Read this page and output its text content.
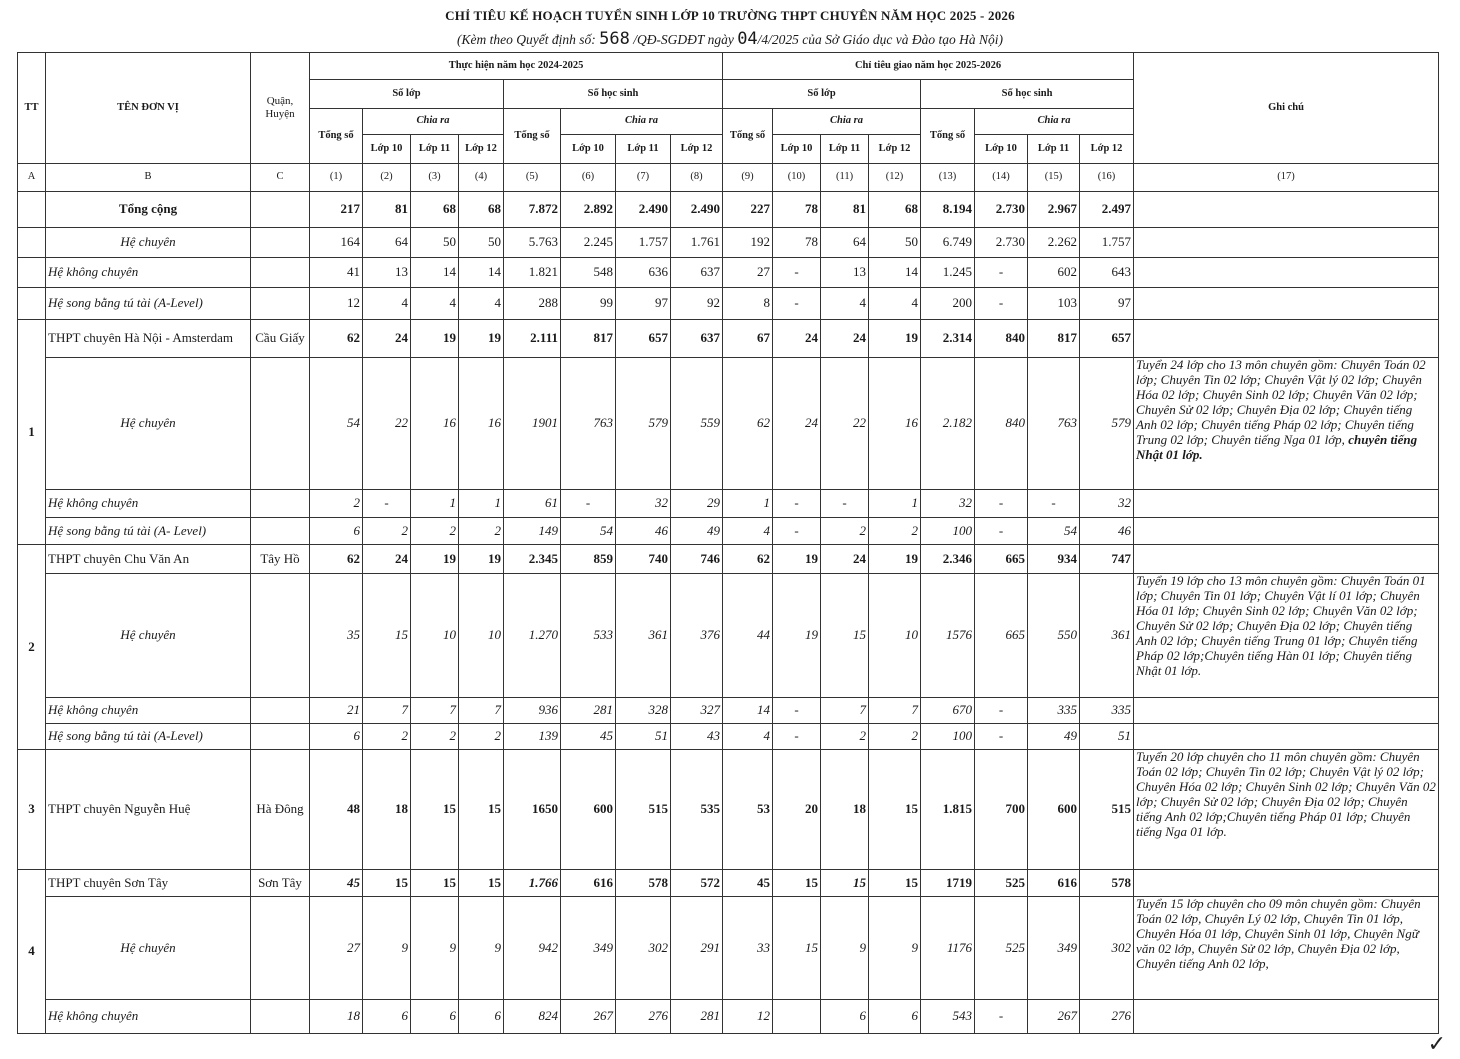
CHỈ TIÊU KẾ HOẠCH TUYỂN SINH LỚP 10 TRƯỜNG THPT CHUYÊN NĂM HỌC 2025 - 2026
(Kèm theo Quyết định số: 568 /QĐ-SGDĐT ngày 04/4/2025 của Sở Giáo dục và Đào tạo Hà Nội)
TT	TÊN ĐƠN VỊ	Quận, Huyện	Thực hiện năm học 2024-2025								Chỉ tiêu giao năm học 2025-2026								Ghi chú
			Số lớp				Số học sinh				Số lớp				Số học sinh				
			Tổng số	Chia ra			Tổng số	Chia ra			Tổng số	Chia ra			Tổng số	Chia ra			
				Lớp 10	Lớp 11	Lớp 12		Lớp 10	Lớp 11	Lớp 12		Lớp 10	Lớp 11	Lớp 12		Lớp 10	Lớp 11	Lớp 12	
A	B	C	(1)	(2)	(3)	(4)	(5)	(6)	(7)	(8)	(9)	(10)	(11)	(12)	(13)	(14)	(15)	(16)	(17)
	Tổng cộng		217	81	68	68	7.872	2.892	2.490	2.490	227	78	81	68	8.194	2.730	2.967	2.497	
	Hệ chuyên		164	64	50	50	5.763	2.245	1.757	1.761	192	78	64	50	6.749	2.730	2.262	1.757	
	Hệ không chuyên		41	13	14	14	1.821	548	636	637	27	-	13	14	1.245	-	602	643	
	Hệ song bằng tú tài (A-Level)		12	4	4	4	288	99	97	92	8	-	4	4	200	-	103	97	
1	THPT chuyên Hà Nội - Amsterdam	Cầu Giấy	62	24	19	19	2.111	817	657	637	67	24	24	19	2.314	840	817	657	
	Hệ chuyên		54	22	16	16	1901	763	579	559	62	24	22	16	2.182	840	763	579	Tuyển 24 lớp cho 13 môn chuyên gồm: Chuyên Toán 02 lớp; Chuyên Tin 02 lớp; Chuyên Vật lý 02 lớp; Chuyên Hóa 02 lớp; Chuyên Sinh 02 lớp; Chuyên Văn 02 lớp; Chuyên Sử 02 lớp; Chuyên Địa 02 lớp; Chuyên tiếng Anh 02 lớp; Chuyên tiếng Pháp 02 lớp; Chuyên tiếng Trung 02 lớp; Chuyên tiếng Nga 01 lớp, chuyên tiếng Nhật 01 lớp.
	Hệ không chuyên		2	-	1	1	61	-	32	29	1	-	-	1	32	-	-	32	
	Hệ song bằng tú tài (A- Level)		6	2	2	2	149	54	46	49	4	-	2	2	100	-	54	46	
2	THPT chuyên Chu Văn An	Tây Hồ	62	24	19	19	2.345	859	740	746	62	19	24	19	2.346	665	934	747	
	Hệ chuyên		35	15	10	10	1.270	533	361	376	44	19	15	10	1576	665	550	361	Tuyển 19 lớp cho 13 môn chuyên gồm: Chuyên Toán 01 lớp; Chuyên Tin 01 lớp; Chuyên Vật lí 01 lớp; Chuyên Hóa 01 lớp; Chuyên Sinh 02 lớp; Chuyên Văn 02 lớp; Chuyên Sử 02 lớp; Chuyên Địa 02 lớp; Chuyên tiếng Anh 02 lớp; Chuyên tiếng Trung 01 lớp; Chuyên tiếng Pháp 02 lớp;Chuyên tiếng Hàn 01 lớp; Chuyên tiếng Nhật 01 lớp.
	Hệ không chuyên		21	7	7	7	936	281	328	327	14	-	7	7	670	-	335	335	
	Hệ song bằng tú tài (A-Level)		6	2	2	2	139	45	51	43	4	-	2	2	100	-	49	51	
3	THPT chuyên Nguyễn Huệ	Hà Đông	48	18	15	15	1650	600	515	535	53	20	18	15	1.815	700	600	515	Tuyển 20 lớp chuyên cho 11 môn chuyên gồm: Chuyên Toán 02 lớp; Chuyên Tin 02 lớp; Chuyên Vật lý 02 lớp; Chuyên Hóa 02 lớp; Chuyên Sinh 02 lớp; Chuyên Văn 02 lớp; Chuyên Sử 02 lớp; Chuyên Địa 02 lớp; Chuyên tiếng Anh 02 lớp;Chuyên tiếng Pháp 01 lớp; Chuyên tiếng Nga 01 lớp.
4	THPT chuyên Sơn Tây	Sơn Tây	45	15	15	15	1.766	616	578	572	45	15	15	15	1719	525	616	578	
	Hệ chuyên		27	9	9	9	942	349	302	291	33	15	9	9	1176	525	349	302	Tuyển 15 lớp chuyên cho 09 môn chuyên gồm: Chuyên Toán 02 lớp, Chuyên Lý 02 lớp, Chuyên Tin 01 lớp, Chuyên Hóa 01 lớp, Chuyên Sinh 01 lớp, Chuyên Ngữ văn 02 lớp, Chuyên Sử 02 lớp, Chuyên Địa 02 lớp, Chuyên tiếng Anh 02 lớp,
	Hệ không chuyên		18	6	6	6	824	267	276	281	12		6	6	543	-	267	276	
✓
